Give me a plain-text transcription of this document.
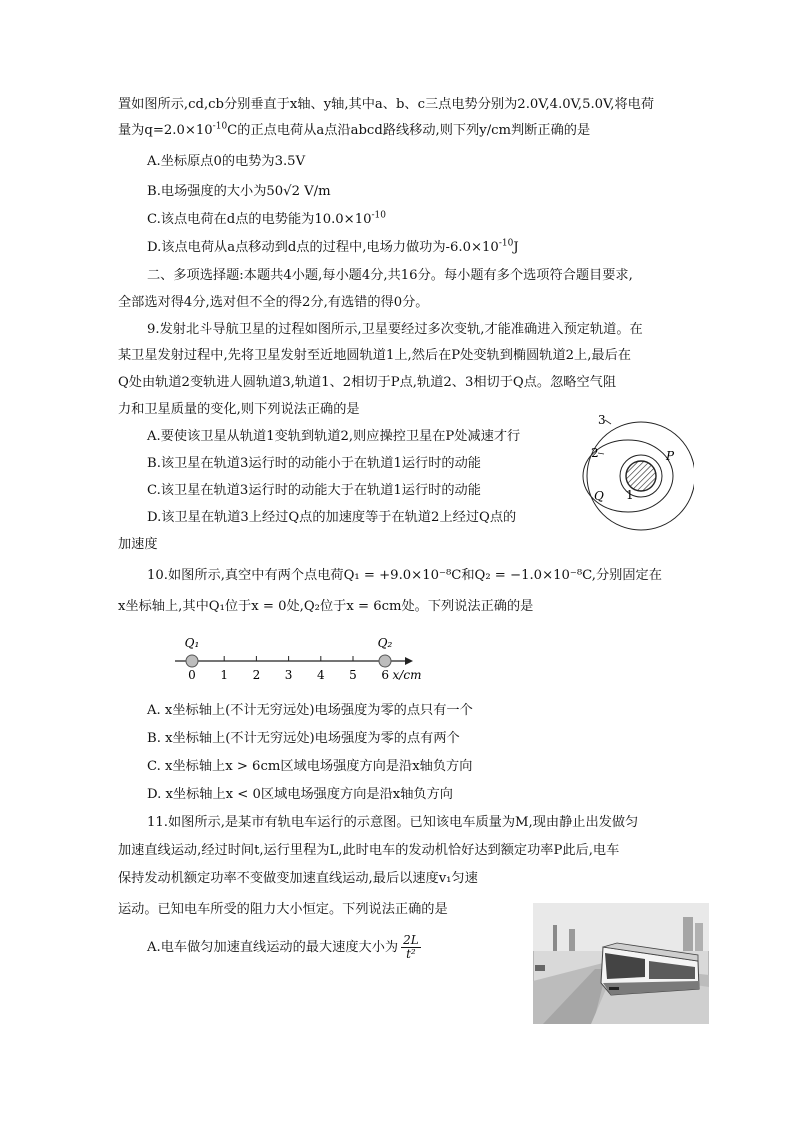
置如图所示,cd,cb分别垂直于x轴、y轴,其中a、b、c三点电势分别为2.0V,4.0V,5.0V,将电荷
量为$q=2.0\times 10^{-10}C$的正点电荷从a点沿abcd路线移动,则下列y/cm判断正确的是
A.坐标原点0的电势为3.5V
B.电场强度的大小为50√2 V/m
C.该点电荷在d点的电势能为$10.0\times 10^{-10}$
D.该点电荷从a点移动到d点的过程中,电场力做功为$-6.0\times 10^{-10}J$
二、多项选择题:本题共4小题,每小题4分,共16分。每小题有多个选项符合题目要求,
全部选对得4分,选对但不全的得2分,有选错的得0分。
9.发射北斗导航卫星的过程如图所示,卫星要经过多次变轨,才能准确进入预定轨道。在
某卫星发射过程中,先将卫星发射至近地圆轨道1上,然后在P处变轨到椭圆轨道2上,最后在
Q处由轨道2变轨进人圆轨道3,轨道1、2相切于P点,轨道2、3相切于Q点。忽略空气阻
力和卫星质量的变化,则下列说法正确的是
A.要使该卫星从轨道1变轨到轨道2,则应操控卫星在P处减速才行
B.该卫星在轨道3运行时的动能小于在轨道1运行时的动能
C.该卫星在轨道3运行时的动能大于在轨道1运行时的动能
D.该卫星在轨道3上经过Q点的加速度等于在轨道2上经过Q点的
加速度
3
2
1
P
Q
10.如图所示,真空中有两个点电荷Q₁ = +9.0×10⁻⁸C和Q₂ = −1.0×10⁻⁸C,分别固定在
x坐标轴上,其中Q₁位于x = 0处,Q₂位于x = 6cm处。下列说法正确的是
0 1 2 3 4 5 6
Q₁	Q₂
x/cm
A. x坐标轴上(不计无穷远处)电场强度为零的点只有一个
B. x坐标轴上(不计无穷远处)电场强度为零的点有两个
C. x坐标轴上x > 6cm区域电场强度方向是沿x轴负方向
D. x坐标轴上x < 0区域电场强度方向是沿x轴负方向
11.如图所示,是某市有轨电车运行的示意图。已知该电车质量为M,现由静止出发做匀
加速直线运动,经过时间t,运行里程为L,此时电车的发动机恰好达到额定功率P此后,电车
保持发动机额定功率不变做变加速直线运动,最后以速度v₁匀速
运动。已知电车所受的阻力大小恒定。下列说法正确的是
A.电车做匀加速直线运动的最大速度大小为 $\frac{2L}{\text{t²}}$
